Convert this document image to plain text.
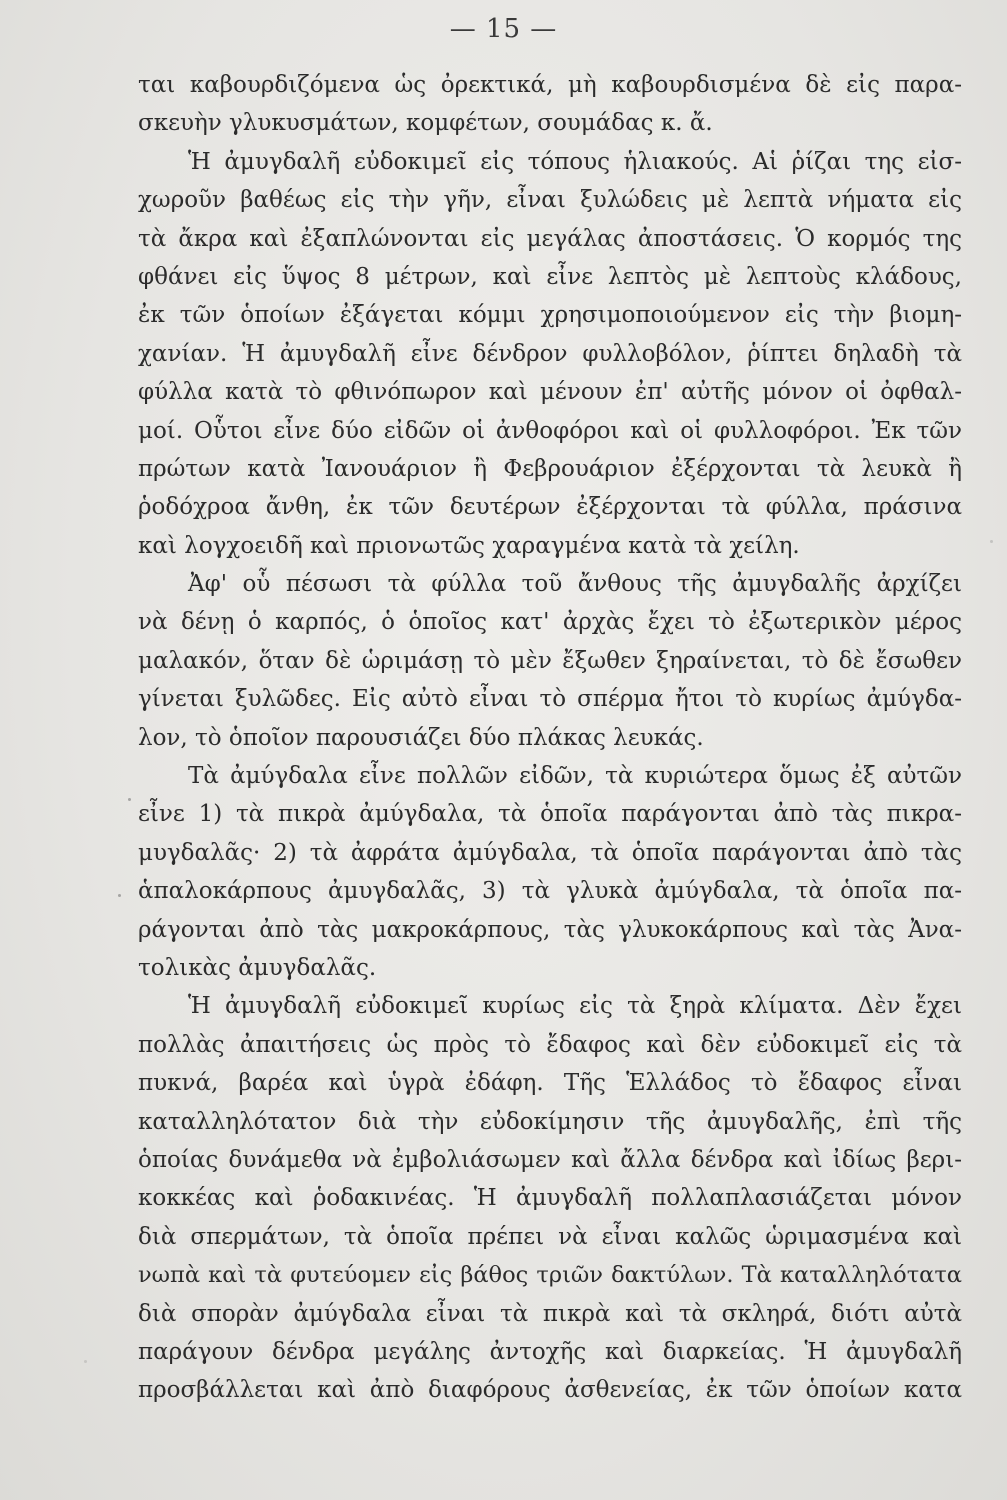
— 15 —
ται καβουρδιζόμενα ὡς ὀρεκτικά, μὴ καβουρδισμένα δὲ εἰς παρα-
σκευὴν γλυκυσμάτων, κομφέτων, σουμάδας κ. ἄ.
Ἡ ἀμυγδαλῆ εὐδοκιμεῖ εἰς τόπους ἡλιακούς. Αἱ ῥίζαι της εἰσ-
χωροῦν βαθέως εἰς τὴν γῆν, εἶναι ξυλώδεις μὲ λεπτὰ νήματα εἰς
τὰ ἄκρα καὶ ἐξαπλώνονται εἰς μεγάλας ἀποστάσεις. Ὁ κορμός της
φθάνει εἰς ὕψος 8 μέτρων, καὶ εἶνε λεπτὸς μὲ λεπτοὺς κλάδους,
ἐκ τῶν ὁποίων ἐξάγεται κόμμι χρησιμοποιούμενον εἰς τὴν βιομη-
χανίαν. Ἡ ἀμυγδαλῆ εἶνε δένδρον φυλλοβόλον, ῥίπτει δηλαδὴ τὰ
φύλλα κατὰ τὸ φθινόπωρον καὶ μένουν ἐπ' αὐτῆς μόνον οἱ ὀφθαλ-
μοί. Οὗτοι εἶνε δύο εἰδῶν οἱ ἀνθοφόροι καὶ οἱ φυλλοφόροι. Ἐκ τῶν
πρώτων κατὰ Ἰανουάριον ἢ Φεβρουάριον ἐξέρχονται τὰ λευκὰ ἢ
ῥοδόχροα ἄνθη, ἐκ τῶν δευτέρων ἐξέρχονται τὰ φύλλα, πράσινα
καὶ λογχοειδῆ καὶ πριονωτῶς χαραγμένα κατὰ τὰ χείλη.
Ἀφ' οὗ πέσωσι τὰ φύλλα τοῦ ἄνθους τῆς ἀμυγδαλῆς ἀρχίζει
νὰ δένῃ ὁ καρπός, ὁ ὁποῖος κατ' ἀρχὰς ἔχει τὸ ἐξωτερικὸν μέρος
μαλακόν, ὅταν δὲ ὡριμάσῃ τὸ μὲν ἔξωθεν ξηραίνεται, τὸ δὲ ἔσωθεν
γίνεται ξυλῶδες. Εἰς αὐτὸ εἶναι τὸ σπέρμα ἤτοι τὸ κυρίως ἀμύγδα-
λον, τὸ ὁποῖον παρουσιάζει δύο πλάκας λευκάς.
Τὰ ἀμύγδαλα εἶνε πολλῶν εἰδῶν, τὰ κυριώτερα ὅμως ἐξ αὐτῶν
εἶνε 1) τὰ πικρὰ ἀμύγδαλα, τὰ ὁποῖα παράγονται ἀπὸ τὰς πικρα-
μυγδαλᾶς· 2) τὰ ἀφράτα ἀμύγδαλα, τὰ ὁποῖα παράγονται ἀπὸ τὰς
ἁπαλοκάρπους ἀμυγδαλᾶς, 3) τὰ γλυκὰ ἀμύγδαλα, τὰ ὁποῖα πα-
ράγονται ἀπὸ τὰς μακροκάρπους, τὰς γλυκοκάρπους καὶ τὰς Ἀνα-
τολικὰς ἀμυγδαλᾶς.
Ἡ ἀμυγδαλῆ εὐδοκιμεῖ κυρίως εἰς τὰ ξηρὰ κλίματα. Δὲν ἔχει
πολλὰς ἀπαιτήσεις ὡς πρὸς τὸ ἔδαφος καὶ δὲν εὐδοκιμεῖ εἰς τὰ
πυκνά, βαρέα καὶ ὑγρὰ ἐδάφη. Τῆς Ἑλλάδος τὸ ἔδαφος εἶναι
καταλληλότατον διὰ τὴν εὐδοκίμησιν τῆς ἀμυγδαλῆς, ἐπὶ τῆς
ὁποίας δυνάμεθα νὰ ἐμβολιάσωμεν καὶ ἄλλα δένδρα καὶ ἰδίως βερι-
κοκκέας καὶ ῥοδακινέας. Ἡ ἀμυγδαλῆ πολλαπλασιάζεται μόνον
διὰ σπερμάτων, τὰ ὁποῖα πρέπει νὰ εἶναι καλῶς ὡριμασμένα καὶ
νωπὰ καὶ τὰ φυτεύομεν εἰς βάθος τριῶν δακτύλων. Τὰ καταλληλότατα
διὰ σπορὰν ἀμύγδαλα εἶναι τὰ πικρὰ καὶ τὰ σκληρά, διότι αὐτὰ
παράγουν δένδρα μεγάλης ἀντοχῆς καὶ διαρκείας. Ἡ ἀμυγδαλῆ
προσβάλλεται καὶ ἀπὸ διαφόρους ἀσθενείας, ἐκ τῶν ὁποίων κατα
